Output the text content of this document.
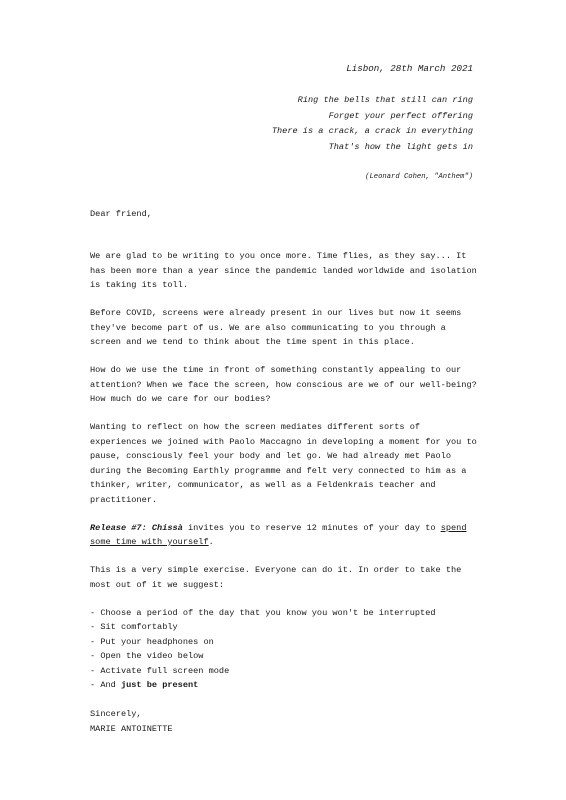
Lisbon, 28th March 2021
Ring the bells that still can ring
Forget your perfect offering
There is a crack, a crack in everything
That's how the light gets in
(Leonard Cohen, "Anthem")
Dear friend,

We are glad to be writing to you once more. Time flies, as they say... It has been more than a year since the pandemic landed worldwide and isolation is taking its toll.

Before COVID, screens were already present in our lives but now it seems they've become part of us. We are also communicating to you through a screen and we tend to think about the time spent in this place.

How do we use the time in front of something constantly appealing to our attention? When we face the screen, how conscious are we of our well-being? How much do we care for our bodies?

Wanting to reflect on how the screen mediates different sorts of experiences we joined with Paolo Maccagno in developing a moment for you to pause, consciously feel your body and let go. We had already met Paolo during the Becoming Earthly programme and felt very connected to him as a thinker, writer, communicator, as well as a Feldenkrais teacher and practitioner.

Release #7: Chissà invites you to reserve 12 minutes of your day to spend some time with yourself.

This is a very simple exercise. Everyone can do it. In order to take the most out of it we suggest:

- Choose a period of the day that you know you won't be interrupted
- Sit comfortably
- Put your headphones on
- Open the video below
- Activate full screen mode
- And just be present
Sincerely,
MARIE ANTOINETTE
